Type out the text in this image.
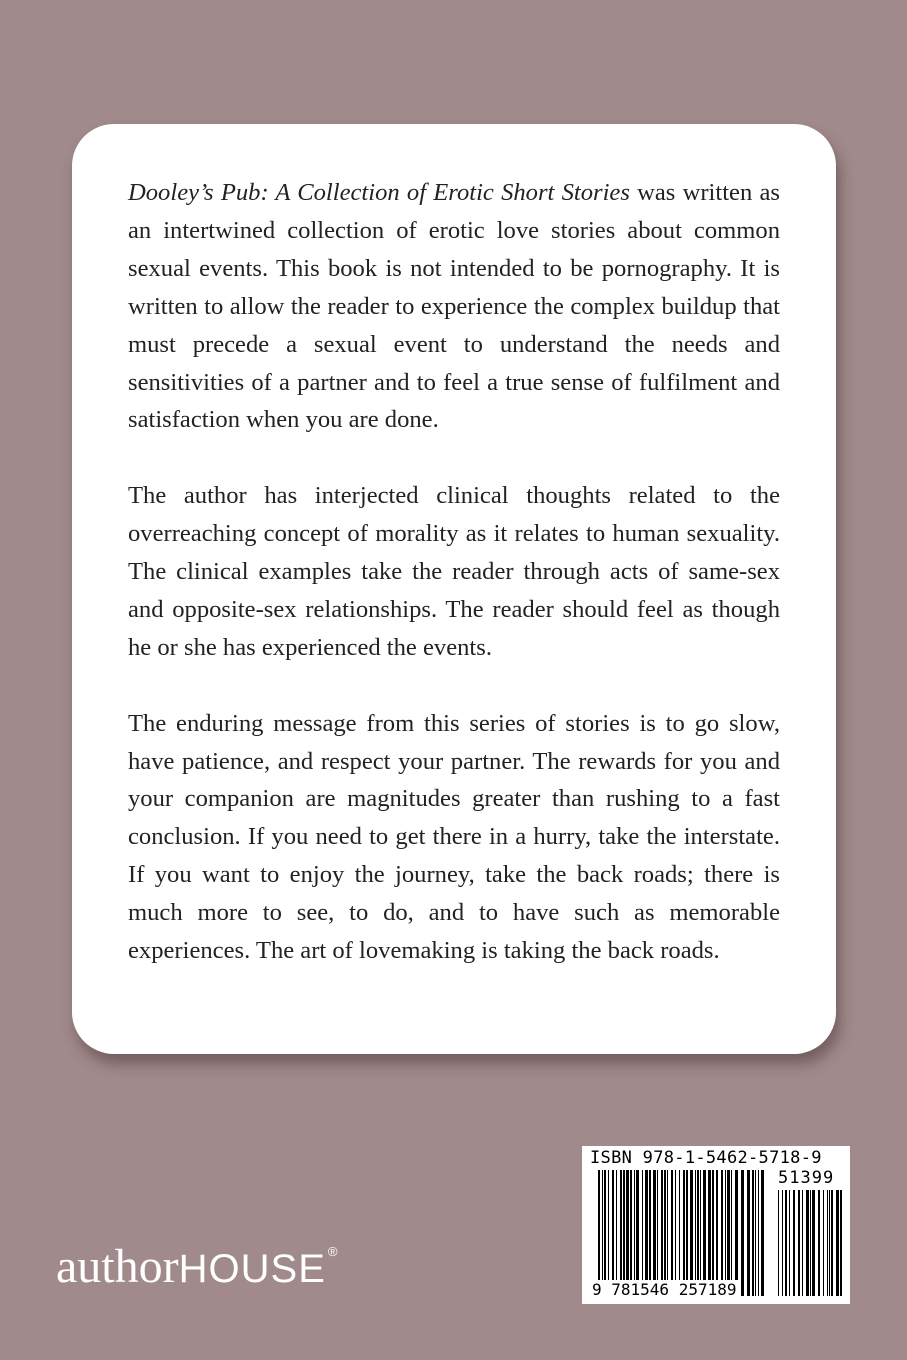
Dooley’s Pub: A Collection of Erotic Short Stories was written as an intertwined collection of erotic love stories about common sexual events. This book is not intended to be pornography. It is written to allow the reader to experience the complex buildup that must precede a sexual event to understand the needs and sensitivities of a partner and to feel a true sense of fulfilment and satisfaction when you are done.

The author has interjected clinical thoughts related to the overreaching concept of morality as it relates to human sexuality. The clinical examples take the reader through acts of same-sex and opposite-sex relationships. The reader should feel as though he or she has experienced the events.

The enduring message from this series of stories is to go slow, have patience, and respect your partner. The rewards for you and your companion are magnitudes greater than rushing to a fast conclusion. If you need to get there in a hurry, take the interstate. If you want to enjoy the journey, take the back roads; there is much more to see, to do, and to have such as memorable experiences. The art of lovemaking is taking the back roads.

authorHOUSE ®
ISBN 978-1-5462-5718-9
51399
9 781546 257189
